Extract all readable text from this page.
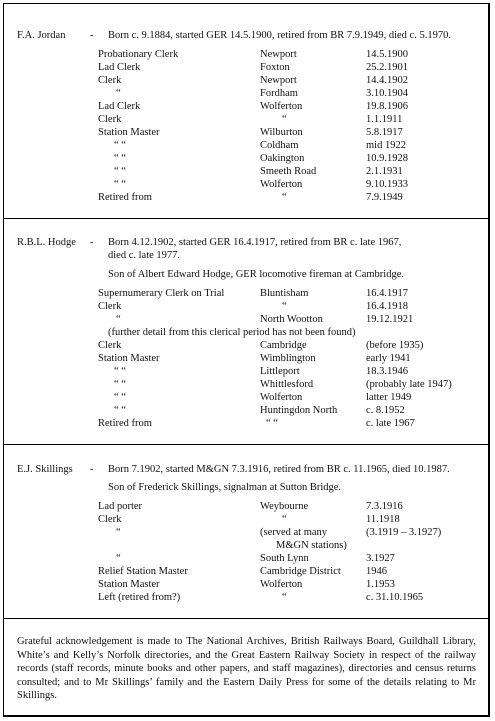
F.A. Jordan - Born c. 9.1884, started GER 14.5.1900, retired from BR 7.9.1949, died c. 5.1970.
Probationary Clerk	Newport	14.5.1900
Lad Clerk	Foxton	25.2.1901
Clerk	Newport	14.4.1902
“	Fordham	3.10.1904
Lad Clerk	Wolferton	19.8.1906
Clerk	“	1.1.1911
Station Master	Wilburton	5.8.1917
“ “	Coldham	mid 1922
“ “	Oakington	10.9.1928
“ “	Smeeth Road	2.1.1931
“ “	Wolferton	9.10.1933
Retired from	“	7.9.1949
R.B.L. Hodge - Born 4.12.1902, started GER 16.4.1917, retired from BR c. late 1967,
died c. late 1977.
Son of Albert Edward Hodge, GER locomotive fireman at Cambridge.
Supernumerary Clerk on Trial	Bluntisham	16.4.1917
Clerk	“	16.4.1918
“	North Wootton	19.12.1921
(further detail from this clerical period has not been found)
Clerk	Cambridge	(before 1935)
Station Master	Wimblington	early 1941
“ “	Littleport	18.3.1946
“ “	Whittlesford	(probably late 1947)
“ “	Wolferton	latter 1949
“ “	Huntingdon North	c. 8.1952
Retired from	“ “	c. late 1967
E.J. Skillings - Born 7.1902, started M&GN 7.3.1916, retired from BR c. 11.1965, died 10.1987.
Son of Frederick Skillings, signalman at Sutton Bridge.
Lad porter	Weybourne	7.3.1916
Clerk	“	11.1918
“	(served at many	(3.1919 – 3.1927)
M&GN stations)
“	South Lynn	3.1927
Relief Station Master	Cambridge District 1946
Station Master	Wolferton	1.1953
Left (retired from?)	“	c. 31.10.1965
Grateful acknowledgement is made to The National Archives, British Railways Board, Guildhall Library, White’s and Kelly’s Norfolk directories, and the Great Eastern Railway Society in respect of the railway records (staff records, minute books and other papers, and staff magazines), directories and census returns consulted; and to Mr Skillings’ family and the Eastern Daily Press for some of the details relating to Mr Skillings.
